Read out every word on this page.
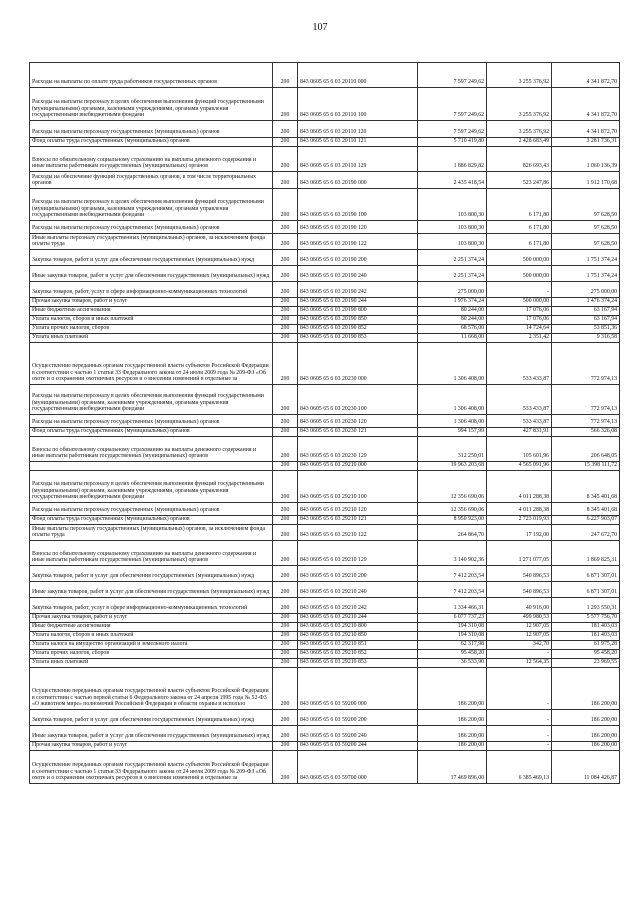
107
Расходы на выплаты по оплате труда работников государственных органов	200	843 0605 65 6 03 20110 000	7 597 249,62	3 255 376,92	4 341 872,70
Расходы на выплаты персоналу в целях обеспечения выполнения функций государственными (муниципальными) органами, казенными учреждениями, органами управления государственными внебюджетными фондами	200	843 0605 65 6 03 20110 100	7 597 249,62	3 255 376,92	4 341 872,70
Расходы на выплаты персоналу государственных (муниципальных) органов	200	843 0605 65 6 03 20110 120	7 597 249,62	3 255 376,92	4 341 872,70
Фонд оплаты труда государственных (муниципальных) органов	200	843 0605 65 6 03 20110 121	5 710 419,80	2 428 683,49	3 281 736,31
Взносы по обязательному социальному страхованию на выплаты денежного содержания и иные выплаты работникам государственных (муниципальных) органов	200	843 0605 65 6 03 20110 129	1 886 829,82	826 693,43	1 060 136,39
Расходы на обеспечение функций государственных органов, в том числе территориальных органов	200	843 0605 65 6 03 20190 000	2 435 418,54	523 247,86	1 912 170,68
Расходы на выплаты персоналу в целях обеспечения выполнения функций государственными (муниципальными) органами, казенными учреждениями, органами управления государственными внебюджетными фондами	200	843 0605 65 6 03 20190 100	103 800,30	6 171,80	97 628,50
Расходы на выплаты персоналу государственных (муниципальных) органов	200	843 0605 65 6 03 20190 120	103 800,30	6 171,80	97 628,50
Иные выплаты персоналу государственных (муниципальных) органов, за исключением фонда оплаты труда	200	843 0605 65 6 03 20190 122	103 800,30	6 171,80	97 628,50
Закупка товаров, работ и услуг для обеспечения государственных (муниципальных) нужд	200	843 0605 65 6 03 20190 200	2 251 374,24	500 000,00	1 751 374,24
Иные закупки товаров, работ и услуг для обеспечения государственных (муниципальных) нужд	200	843 0605 65 6 03 20190 240	2 251 374,24	500 000,00	1 751 374,24
Закупка товаров, работ, услуг в сфере информационно-коммуникационных технологий	200	843 0605 65 6 03 20190 242	275 000,00	-	275 000,00
Прочая закупка товаров, работ и услуг	200	843 0605 65 6 03 20190 244	1 976 374,24	500 000,00	1 476 374,24
Иные бюджетные ассигнования	200	843 0605 65 6 03 20190 800	80 244,00	17 076,06	63 167,94
Уплата налогов, сборов и иных платежей	200	843 0605 65 6 03 20190 850	80 244,00	17 076,06	63 167,94
Уплата прочих налогов, сборов	200	843 0605 65 6 03 20190 852	68 576,00	14 724,64	53 851,36
Уплата иных платежей	200	843 0605 65 6 03 20190 853	11 668,00	2 351,42	9 316,58
Осуществление переданных органам государственной власти субъектов Российской Федерации в соответствии с частью 1 статьи 33 Федерального закона от 24 июля 2009 года № 209-ФЗ «Об охоте и о сохранении охотничьих ресурсов и о внесении изменений в отдельные за	200	843 0605 65 6 03 20230 000	1 306 408,00	533 433,87	772 974,13
Расходы на выплаты персоналу в целях обеспечения выполнения функций государственными (муниципальными) органами, казенными учреждениями, органами управления государственными внебюджетными фондами	200	843 0605 65 6 03 20230 100	1 306 408,00	533 433,87	772 974,13
Расходы на выплаты персоналу государственных (муниципальных) органов	200	843 0605 65 6 03 20230 120	1 306 408,00	533 433,87	772 974,13
Фонд оплаты труда государственных (муниципальных) органов	200	843 0605 65 6 03 20230 121	994 157,99	427 831,91	566 326,08
Взносы по обязательному социальному страхованию на выплаты денежного содержания и иные выплаты работникам государственных (муниципальных) органов	200	843 0605 65 6 03 20230 129	312 250,01	105 601,96	206 648,05
	200	843 0605 65 6 03 29210 000	19 963 203,68	4 565 091,96	15 398 111,72
Расходы на выплаты персоналу в целях обеспечения выполнения функций государственными (муниципальными) органами, казенными учреждениями, органами управления государственными внебюджетными фондами	200	843 0605 65 6 03 29210 100	12 356 690,06	4 011 288,38	8 345 401,68
Расходы на выплаты персоналу государственных (муниципальных) органов	200	843 0605 65 6 03 29210 120	12 356 690,06	4 011 288,38	8 345 401,68
Фонд оплаты труда государственных (муниципальных) органов	200	843 0605 65 6 03 29210 121	8 950 923,00	2 723 019,93	6 227 903,07
Иные выплаты персоналу государственных (муниципальных) органов, за исключением фонда оплаты труда	200	843 0605 65 6 03 29210 122	264 864,70	17 192,00	247 672,70
Взносы по обязательному социальному страхованию на выплаты денежного содержания и иные выплаты работникам государственных (муниципальных) органов	200	843 0605 65 6 03 29210 129	3 140 902,36	1 271 077,05	1 869 825,31
Закупка товаров, работ и услуг для обеспечения государственных (муниципальных) нужд	200	843 0605 65 6 03 29210 200	7 412 203,54	540 896,53	6 871 307,01
Иные закупки товаров, работ и услуг для обеспечения государственных (муниципальных) нужд	200	843 0605 65 6 03 29210 240	7 412 203,54	540 896,53	6 871 307,01
Закупка товаров, работ, услуг в сфере информационно-коммуникационных технологий	200	843 0605 65 6 03 29210 242	1 334 466,31	40 916,00	1 293 550,31
Прочая закупка товаров, работ и услуг	200	843 0605 65 6 03 29210 244	6 077 737,23	499 980,53	5 577 756,70
Иные бюджетные ассигнования	200	843 0605 65 6 03 29210 800	194 310,08	12 907,05	181 403,03
Уплата налогов, сборов и иных платежей	200	843 0605 65 6 03 29210 850	194 310,08	12 907,05	181 403,03
Уплата налога на имущество организаций и земельного налога	200	843 0605 65 6 03 29210 851	62 317,98	342,70	61 975,28
Уплата прочих налогов, сборов	200	843 0605 65 6 03 29210 852	95 458,20	-	95 458,20
Уплата иных платежей	200	843 0605 65 6 03 29210 853	36 533,90	12 564,35	23 969,55
Осуществление переданных органам государственной власти субъектов Российской Федерации в соответствии с частью первой статьи 6 Федерального закона от 24 апреля 1995 года № 52-ФЗ «О животном мире» полномочий Российской Федерации в области охраны и использо	200	843 0605 65 6 03 59200 000	186 200,00	-	186 200,00
Закупка товаров, работ и услуг для обеспечения государственных (муниципальных) нужд	200	843 0605 65 6 03 59200 200	186 200,00	-	186 200,00
Иные закупки товаров, работ и услуг для обеспечения государственных (муниципальных) нужд	200	843 0605 65 6 03 59200 240	186 200,00	-	186 200,00
Прочая закупка товаров, работ и услуг	200	843 0605 65 6 03 59200 244	186 200,00	-	186 200,00
Осуществление переданных органам государственной власти субъектов Российской Федерации в соответствии с частью 1 статьи 33 Федерального закона от 24 июля 2009 года № 209-ФЗ «Об охоте и о сохранении охотничьих ресурсов и о внесении изменений в отдельные за	200	843 0605 65 6 03 59700 000	17 469 896,00	6 385 469,13	11 084 426,87
